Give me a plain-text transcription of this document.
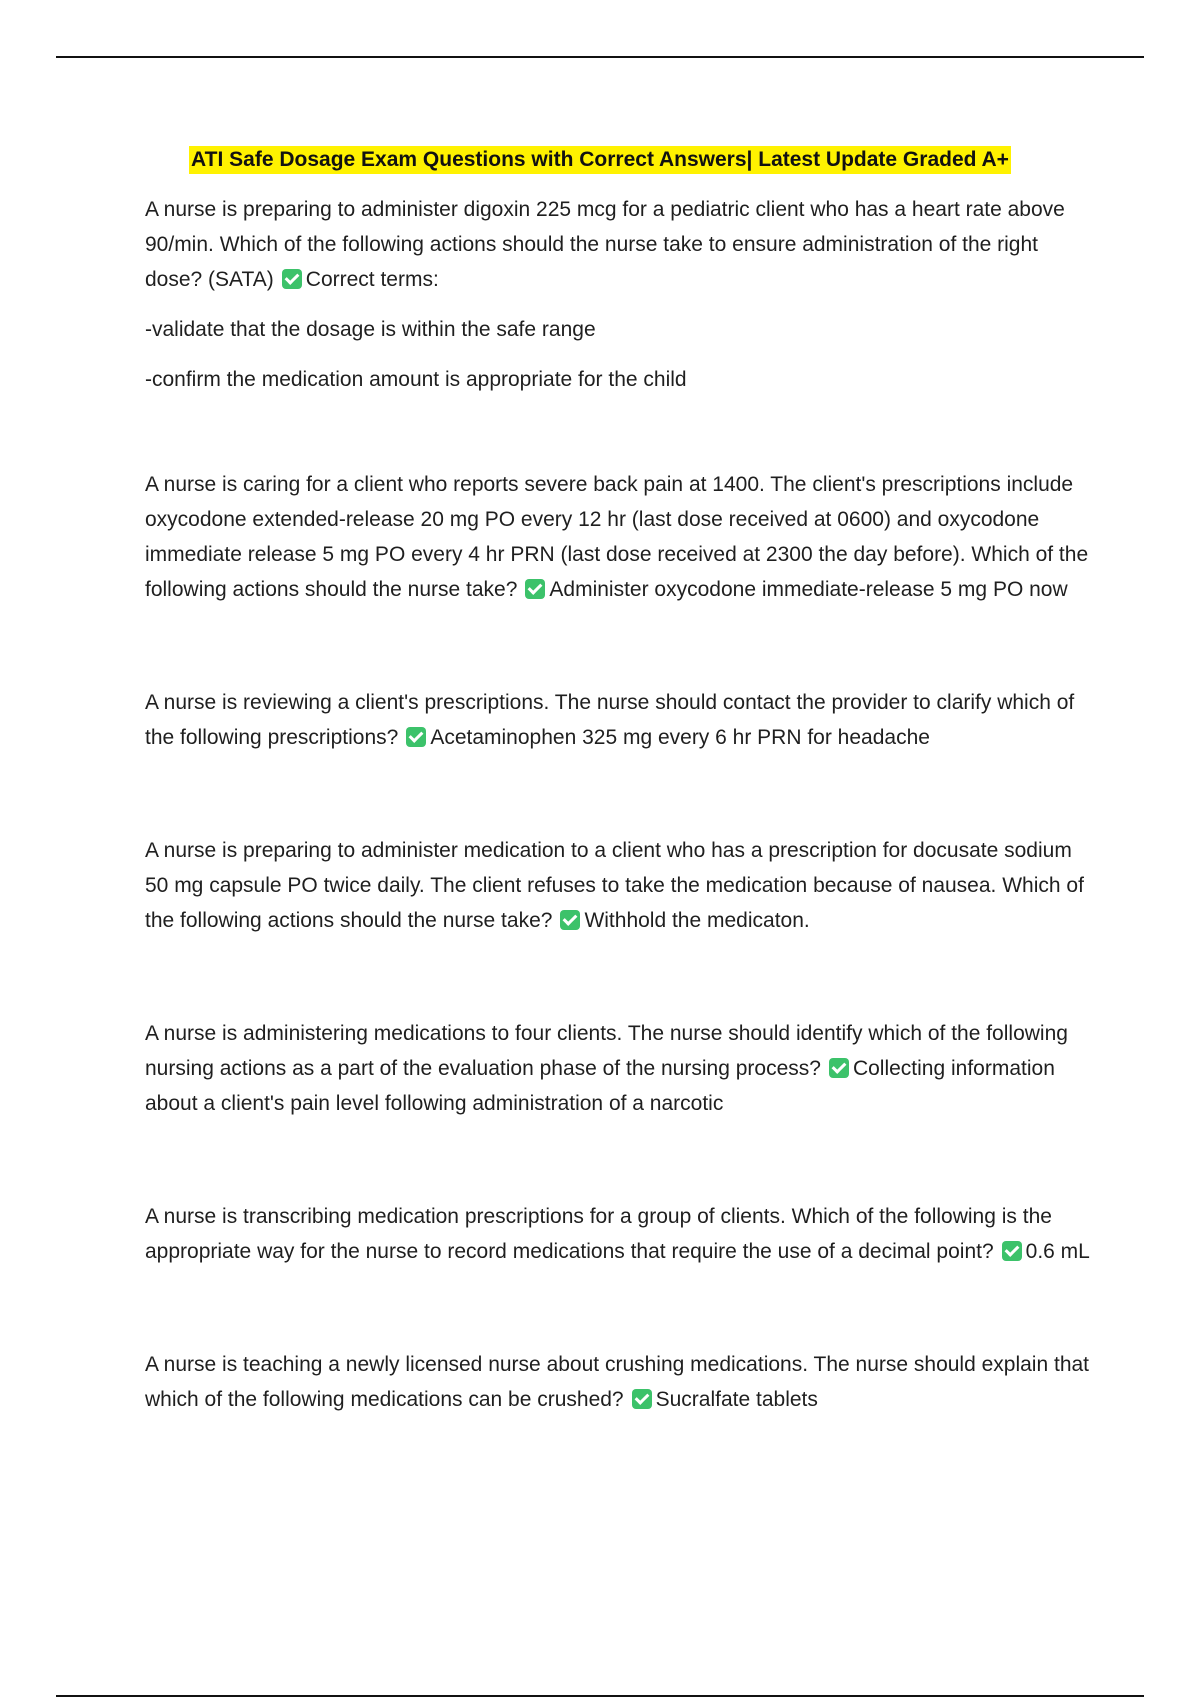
ATI Safe Dosage Exam Questions with Correct Answers| Latest Update Graded A+

A nurse is preparing to administer digoxin 225 mcg for a pediatric client who has a heart rate above 90/min. Which of the following actions should the nurse take to ensure administration of the right dose? (SATA) Correct terms:

-validate that the dosage is within the safe range

-confirm the medication amount is appropriate for the child

A nurse is caring for a client who reports severe back pain at 1400. The client's prescriptions include oxycodone extended-release 20 mg PO every 12 hr (last dose received at 0600) and oxycodone immediate release 5 mg PO every 4 hr PRN (last dose received at 2300 the day before). Which of the following actions should the nurse take? Administer oxycodone immediate-release 5 mg PO now

A nurse is reviewing a client's prescriptions. The nurse should contact the provider to clarify which of the following prescriptions? Acetaminophen 325 mg every 6 hr PRN for headache

A nurse is preparing to administer medication to a client who has a prescription for docusate sodium 50 mg capsule PO twice daily. The client refuses to take the medication because of nausea. Which of the following actions should the nurse take? Withhold the medicaton.

A nurse is administering medications to four clients. The nurse should identify which of the following nursing actions as a part of the evaluation phase of the nursing process? Collecting information about a client's pain level following administration of a narcotic

A nurse is transcribing medication prescriptions for a group of clients. Which of the following is the appropriate way for the nurse to record medications that require the use of a decimal point? 0.6 mL

A nurse is teaching a newly licensed nurse about crushing medications. The nurse should explain that which of the following medications can be crushed? Sucralfate tablets
